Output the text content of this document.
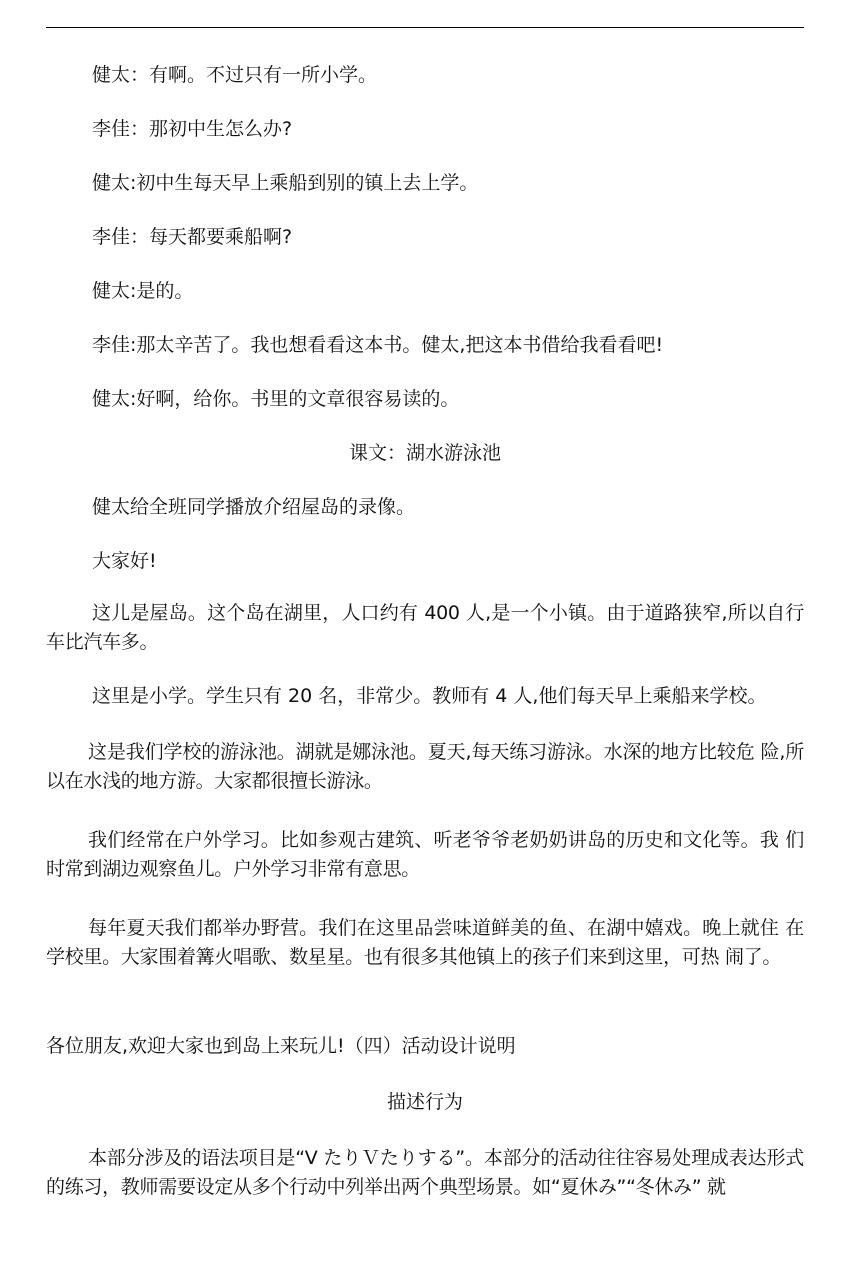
健太：有啊。不过只有一所小学。

李佳：那初中生怎么办?

健太:初中生每天早上乘船到别的镇上去上学。

李佳：每天都要乘船啊?

健太:是的。

李佳:那太辛苦了。我也想看看这本书。健太,把这本书借给我看看吧!

健太:好啊，给你。书里的文章很容易读的。

课文：湖水游泳池

健太给全班同学播放介绍屋岛的录像。

大家好!

这儿是屋岛。这个岛在湖里，人口约有 400 人,是一个小镇。由于道路狭窄,所以自行车比汽车多。

这里是小学。学生只有 20 名，非常少。教师有 4 人,他们每天早上乘船来学校。

这是我们学校的游泳池。湖就是娜泳池。夏天,每天练习游泳。水深的地方比较危 险,所以在水浅的地方游。大家都很擅长游泳。

我们经常在户外学习。比如参观古建筑、听老爷爷老奶奶讲岛的历史和文化等。我 们时常到湖边观察鱼儿。户外学习非常有意思。

每年夏天我们都举办野营。我们在这里品尝味道鲜美的鱼、在湖中嬉戏。晚上就住 在学校里。大家围着篝火唱歌、数星星。也有很多其他镇上的孩子们来到这里，可热 闹了。

各位朋友,欢迎大家也到岛上来玩儿!（四）活动设计说明

描述行为

本部分涉及的语法项目是“V たりＶたりする”。本部分的活动往往容易处理成表达形式的练习，教师需要设定从多个行动中列举出两个典型场景。如“夏休み”“冬休み” 就
